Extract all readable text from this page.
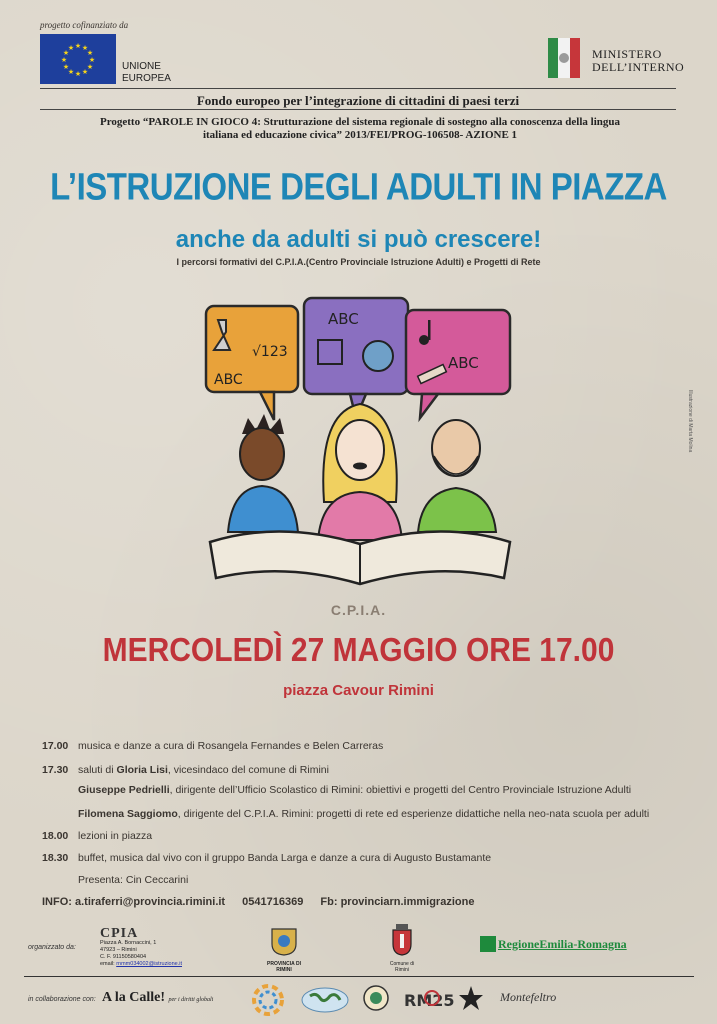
progetto cofinanziato da
★ ★
★
★
★
★
★
★
★
★
★
★
UNIONE
EUROPEA
MINISTERO
DELL’INTERNO
Fondo europeo per l’integrazione di cittadini di paesi terzi
Progetto “PAROLE IN GIOCO 4: Strutturazione del sistema regionale di sostegno alla conoscenza della lingua
italiana ed educazione civica” 2013/FEI/PROG-106508- AZIONE 1
L’ISTRUZIONE DEGLI ADULTI IN PIAZZA
anche da adulti si può crescere!
I percorsi formativi del C.P.I.A.(Centro Provinciale Istruzione Adulti) e Progetti di Rete
√123
ABC
ABC
ABC
Illustrazione di Marta Molina
C.P.I.A.
MERCOLEDÌ 27 MAGGIO ORE 17.00
piazza Cavour Rimini
17.00 musica e danze a cura di Rosangela Fernandes e Belen Carreras
17.30 saluti di Gloria Lisi, vicesindaco del comune di Rimini
Giuseppe Pedrielli, dirigente dell’Ufficio Scolastico di Rimini: obiettivi e progetti del Centro Provinciale Istruzione Adulti
Filomena Saggiomo, dirigente del C.P.I.A. Rimini: progetti di rete ed esperienze didattiche nella neo-nata scuola per adulti
18.00 lezioni in piazza
18.30 buffet, musica dal vivo con il gruppo Banda Larga e danze a cura di Augusto Bustamante
Presenta: Cin Ceccarini
INFO: a.tiraferri@provincia.rimini.it 0541716369 Fb: provinciarn.immigrazione
organizzato da:
CPIA
Piazza A. Bornaccini, 1
47923 – Rimini
C. F. 91150580404
email: rnmm034002@istruzione.it	PROVINCIA DI RIMINI
Comune di Rimini
RegioneEmilia-Romagna
in collaborazione con: A la Calle! per i diritti globali	RM25	Montefeltro
